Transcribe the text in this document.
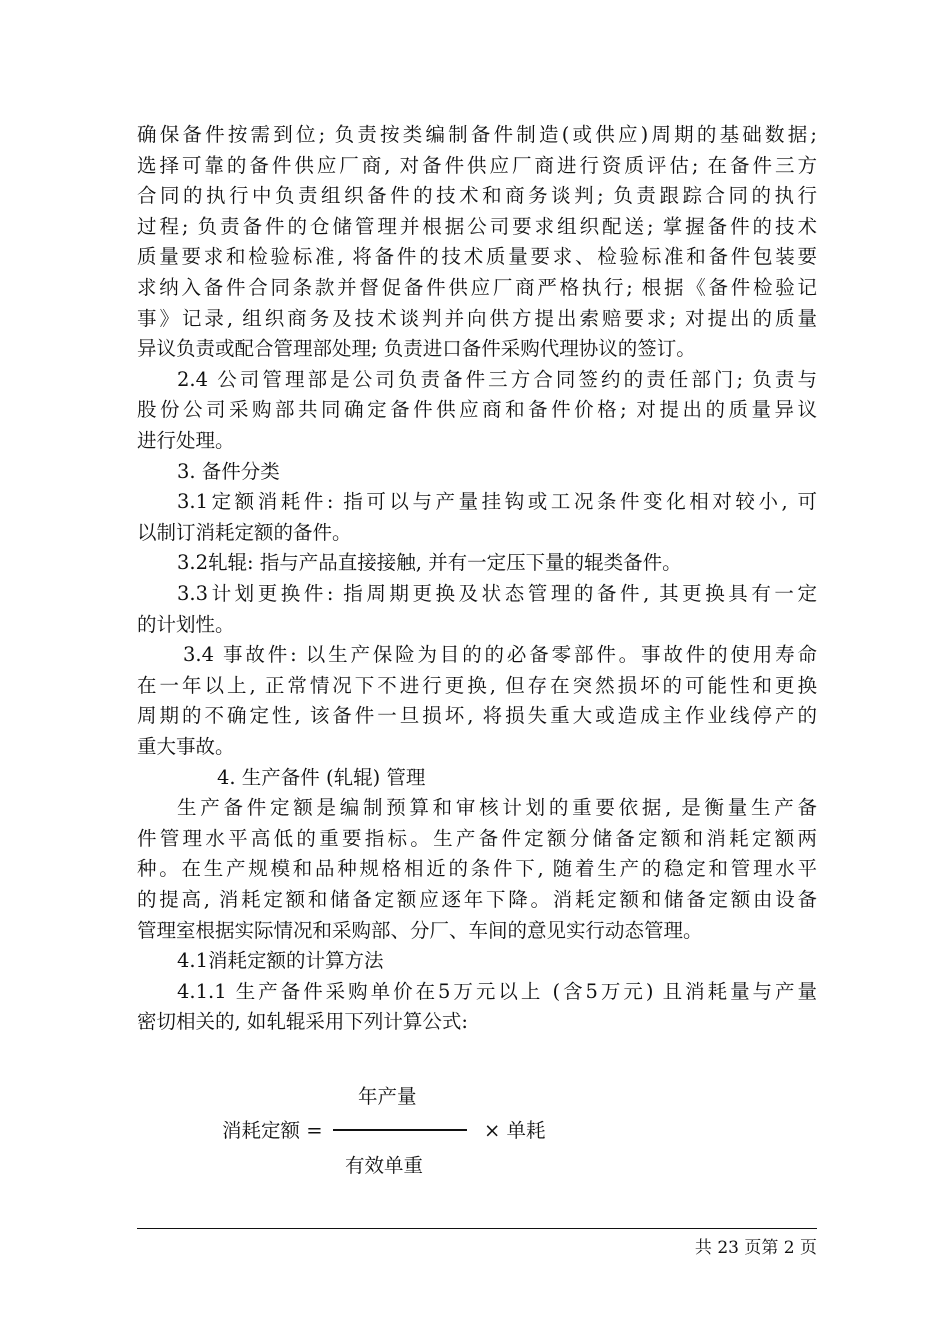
确保备件按需到位; 负责按类编制备件制造(或供应)周期的基础数据;
选择可靠的备件供应厂商, 对备件供应厂商进行资质评估; 在备件三方
合同的执行中负责组织备件的技术和商务谈判; 负责跟踪合同的执行
过程; 负责备件的仓储管理并根据公司要求组织配送; 掌握备件的技术
质量要求和检验标准, 将备件的技术质量要求、检验标准和备件包装要
求纳入备件合同条款并督促备件供应厂商严格执行; 根据《备件检验记
事》记录, 组织商务及技术谈判并向供方提出索赔要求; 对提出的质量
异议负责或配合管理部处理; 负责进口备件采购代理协议的签订。
2.4 公司管理部是公司负责备件三方合同签约的责任部门; 负责与
股份公司采购部共同确定备件供应商和备件价格; 对提出的质量异议
进行处理。
3. 备件分类
3.1定额消耗件: 指可以与产量挂钩或工况条件变化相对较小, 可
以制订消耗定额的备件。
3.2轧辊: 指与产品直接接触, 并有一定压下量的辊类备件。
3.3计划更换件: 指周期更换及状态管理的备件, 其更换具有一定
的计划性。
3.4 事故件: 以生产保险为目的的必备零部件。事故件的使用寿命
在一年以上, 正常情况下不进行更换, 但存在突然损坏的可能性和更换
周期的不确定性, 该备件一旦损坏, 将损失重大或造成主作业线停产的
重大事故。
4. 生产备件 (轧辊) 管理
生产备件定额是编制预算和审核计划的重要依据, 是衡量生产备
件管理水平高低的重要指标。生产备件定额分储备定额和消耗定额两
种。在生产规模和品种规格相近的条件下, 随着生产的稳定和管理水平
的提高, 消耗定额和储备定额应逐年下降。消耗定额和储备定额由设备
管理室根据实际情况和采购部、分厂、车间的意见实行动态管理。
4.1消耗定额的计算方法
4.1.1 生产备件采购单价在5万元以上 (含5万元) 且消耗量与产量
密切相关的, 如轧辊采用下列计算公式:
年产量
消耗定额 =	× 单耗
有效单重
共 23 页第 2 页
